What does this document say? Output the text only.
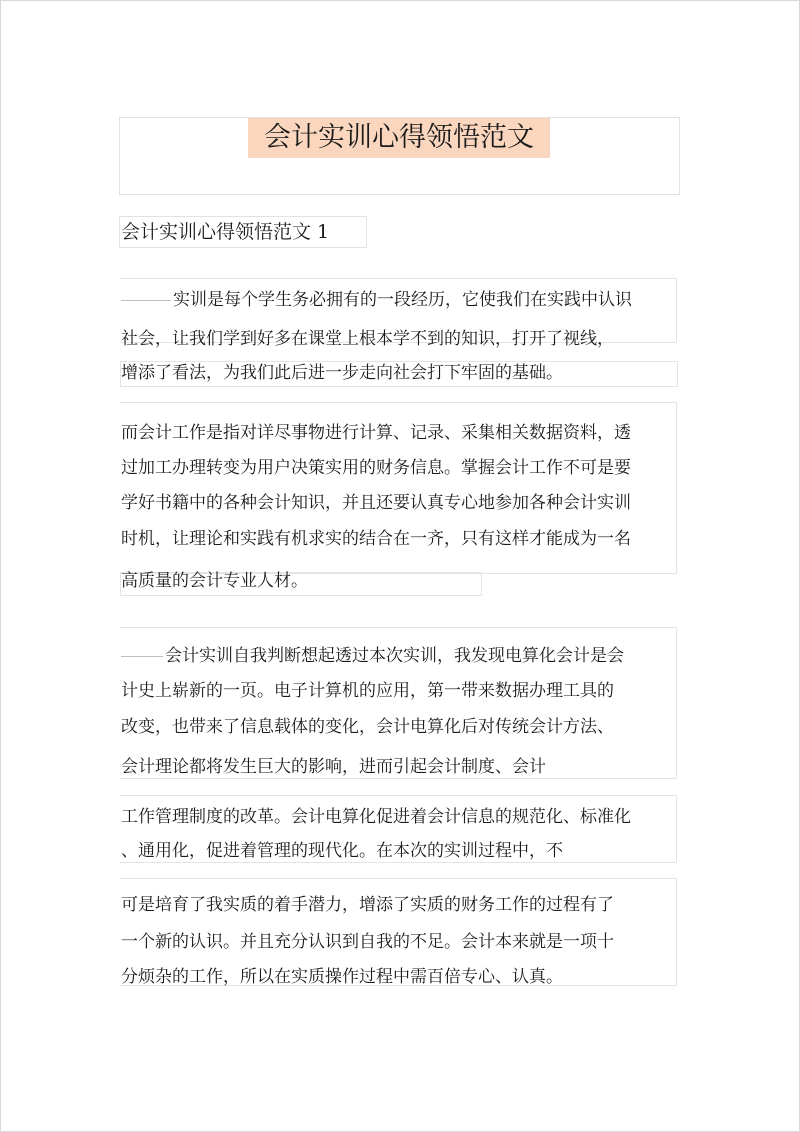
会计实训心得领悟范文
会计实训心得领悟范文 1
实训是每个学生务必拥有的一段经历，它使我们在实践中认识
社会，让我们学到好多在课堂上根本学不到的知识，打开了视线，
增添了看法，为我们此后进一步走向社会打下牢固的基础。
而会计工作是指对详尽事物进行计算、记录、采集相关数据资料，透
过加工办理转变为用户决策实用的财务信息。掌握会计工作不可是要
学好书籍中的各种会计知识，并且还要认真专心地参加各种会计实训
时机，让理论和实践有机求实的结合在一齐，只有这样才能成为一名
高质量的会计专业人材。
会计实训自我判断想起透过本次实训，我发现电算化会计是会
计史上崭新的一页。电子计算机的应用，第一带来数据办理工具的
改变，也带来了信息载体的变化，会计电算化后对传统会计方法、
会计理论都将发生巨大的影响，进而引起会计制度、会计
工作管理制度的改革。会计电算化促进着会计信息的规范化、标准化
、通用化，促进着管理的现代化。在本次的实训过程中，不
可是培育了我实质的着手潜力，增添了实质的财务工作的过程有了
一个新的认识。并且充分认识到自我的不足。会计本来就是一项十
分烦杂的工作，所以在实质操作过程中需百倍专心、认真。
